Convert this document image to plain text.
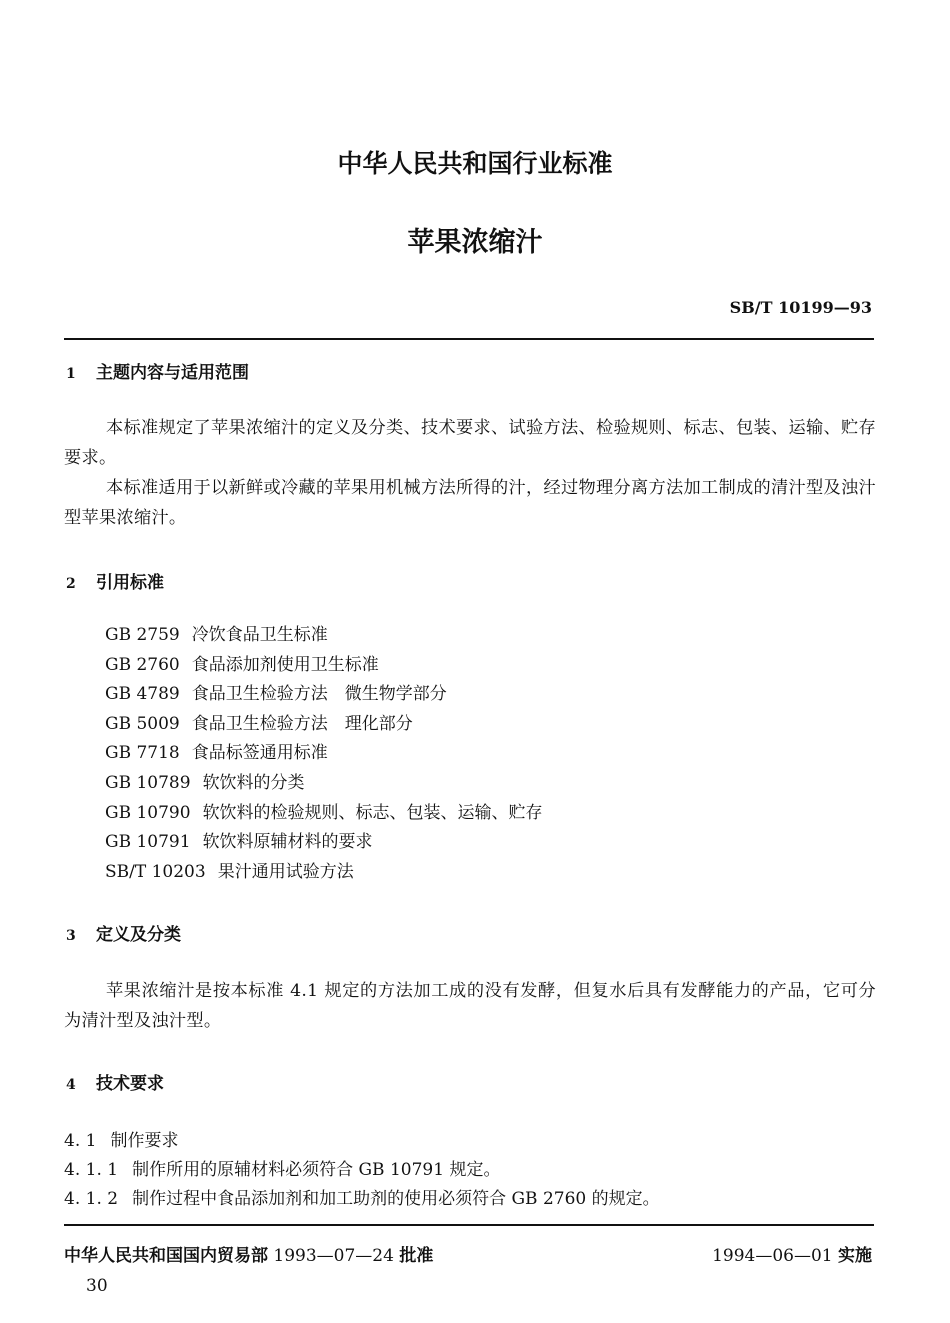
中华人民共和国行业标准
苹果浓缩汁
SB/T 10199—93
1 主题内容与适用范围
本标准规定了苹果浓缩汁的定义及分类、技术要求、试验方法、检验规则、标志、包装、运输、贮存要求。
本标准适用于以新鲜或冷藏的苹果用机械方法所得的汁，经过物理分离方法加工制成的清汁型及浊汁型苹果浓缩汁。
2 引用标准
GB 2759 冷饮食品卫生标准
GB 2760 食品添加剂使用卫生标准
GB 4789 食品卫生检验方法　微生物学部分
GB 5009 食品卫生检验方法　理化部分
GB 7718 食品标签通用标准
GB 10789 软饮料的分类
GB 10790 软饮料的检验规则、标志、包装、运输、贮存
GB 10791 软饮料原辅材料的要求
SB/T 10203 果汁通用试验方法
3 定义及分类
苹果浓缩汁是按本标准 4.1 规定的方法加工成的没有发酵，但复水后具有发酵能力的产品，它可分为清汁型及浊汁型。
4 技术要求
4. 1 制作要求
4. 1. 1 制作所用的原辅材料必须符合 GB 10791 规定。
4. 1. 2 制作过程中食品添加剂和加工助剂的使用必须符合 GB 2760 的规定。
中华人民共和国国内贸易部 1993—07—24 批准	1994—06—01 实施
30
